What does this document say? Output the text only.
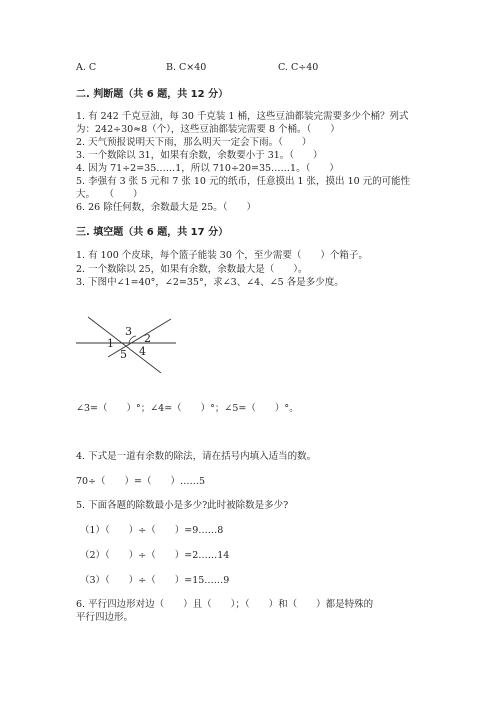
A. C	B. C×40	C. C÷40
二. 判断题（共 6 题，共 12 分）
1. 有 242 千克豆油，每 30 千克装 1 桶，这些豆油都装完需要多少个桶？列式
为：242÷30≈8（个），这些豆油都装完需要 8 个桶。（　　）
2. 天气预报说明天下雨，那么明天一定会下雨。（　　）
3. 一个数除以 31，如果有余数，余数要小于 31。（　　）
4. 因为 71÷2=35……1，所以 710÷20=35……1。（　　）
5. 李强有 3 张 5 元和 7 张 10 元的纸币，任意摸出 1 张，摸出 10 元的可能性
大。　　（　　）
6. 26 除任何数，余数最大是 25。（　　）
三. 填空题（共 6 题，共 17 分）
1. 有 100 个皮球，每个篮子能装 30 个，至少需要（　　）个箱子。
2. 一个数除以 25，如果有余数，余数最大是（　　）。
3. 下图中∠1=40°，∠2=35°，求∠3、∠4、∠5 各是多少度。
1	2
3
4
5
∠3=（　　）°；∠4=（　　）°；∠5=（　　）°。
4. 下式是一道有余数的除法，请在括号内填入适当的数。
70÷（　　）=（　　）……5
5. 下面各题的除数最小是多少?此时被除数是多少?
（1）（　　）÷（　　）=9……8
（2）（　　）÷（　　）=2……14
（3）（　　）÷（　　）=15……9
6. 平行四边形对边（　　）且（　　）；（　　）和（　　）都是特殊的
平行四边形。
